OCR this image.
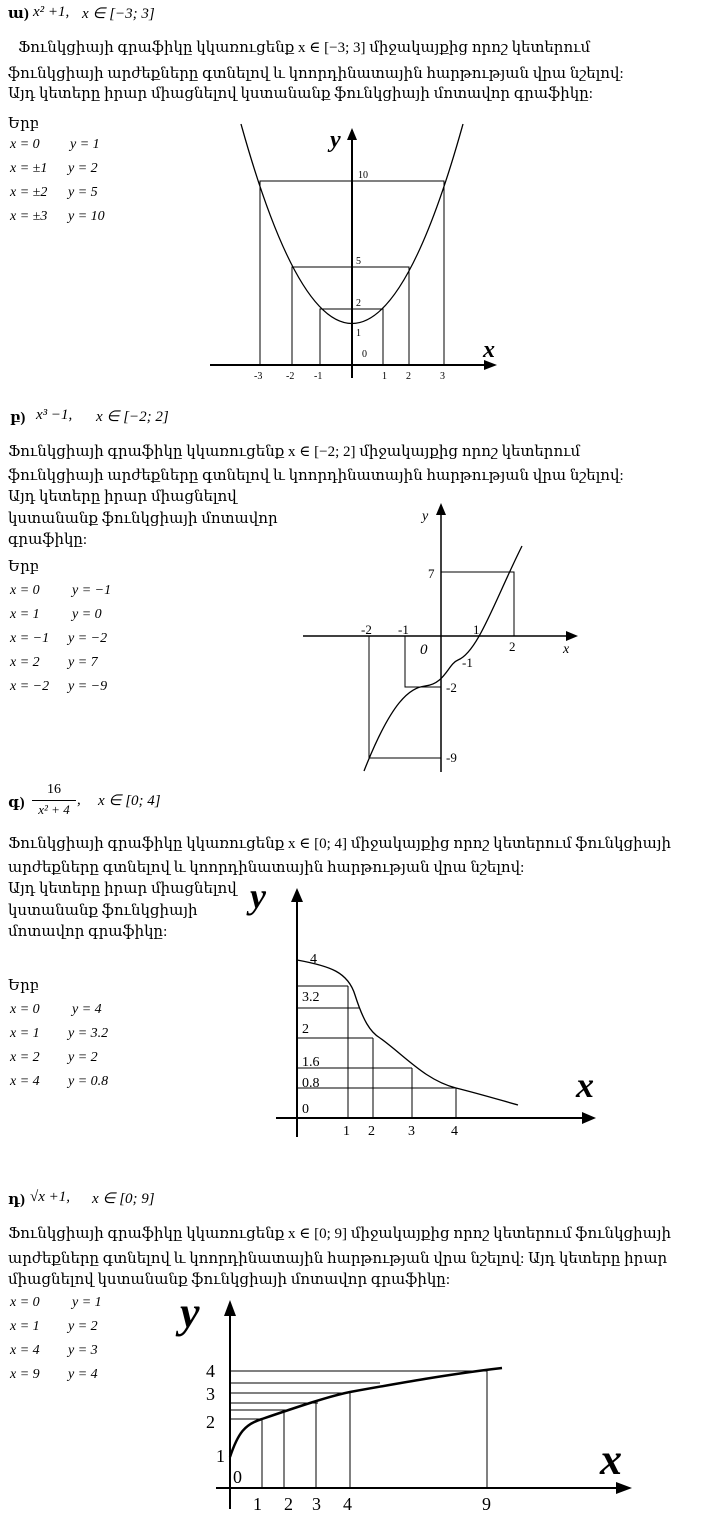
ա) x² +1, x ∈ [−3; 3]
Ֆունկցիայի գրաֆիկը կկառուցենք x ∈ [−3; 3] միջակայքից որոշ կետերում
ֆունկցիայի արժեքները գտնելով և կոորդինատային հարթության վրա նշելով:
Այդ կետերը իրար միացնելով կստանանք ֆունկցիայի մոտավոր գրաֆիկը:
Երբ
x = 0 y = 1
x = ±1 y = 2
x = ±2 y = 5
x = ±3 y = 10
y
x
-3 -2 -1	1 2	3
10
5
2
1
0
բ) x³ −1, x ∈ [−2; 2]
Ֆունկցիայի գրաֆիկը կկառուցենք x ∈ [−2; 2] միջակայքից որոշ կետերում
ֆունկցիայի արժեքները գտնելով և կոորդինատային հարթության վրա նշելով:
Այդ կետերը իրար միացնելով
կստանանք ֆունկցիայի մոտավոր
գրաֆիկը:
Երբ
x = 0 y = −1
x = 1 y = 0
x = −1 y = −2
x = 2 y = 7
x = −2 y = −9
y
x
-2 -1
0
1
2
7
-1
-2
-9
գ)
16
x² + 4
, x ∈ [0; 4]
Ֆունկցիայի գրաֆիկը կկառուցենք x ∈ [0; 4] միջակայքից որոշ կետերում ֆունկցիայի
արժեքները գտնելով և կոորդինատային հարթության վրա նշելով:
Այդ կետերը իրար միացնելով
կստանանք ֆունկցիայի
մոտավոր գրաֆիկը:
Երբ
x = 0 y = 4
x = 1 y = 3.2
x = 2 y = 2
x = 4 y = 0.8
y
x
1 2 3	4
4
3.2
2
1.6
0.8
0
դ) √x +1, x ∈ [0; 9]
Ֆունկցիայի գրաֆիկը կկառուցենք x ∈ [0; 9] միջակայքից որոշ կետերում ֆունկցիայի
արժեքները գտնելով և կոորդինատային հարթության վրա նշելով: Այդ կետերը իրար
միացնելով կստանանք ֆունկցիայի մոտավոր գրաֆիկը:
x = 0 y = 1
x = 1 y = 2
x = 4 y = 3
x = 9 y = 4
y
x
1 2 3 4	9
4
3
2
1
0
